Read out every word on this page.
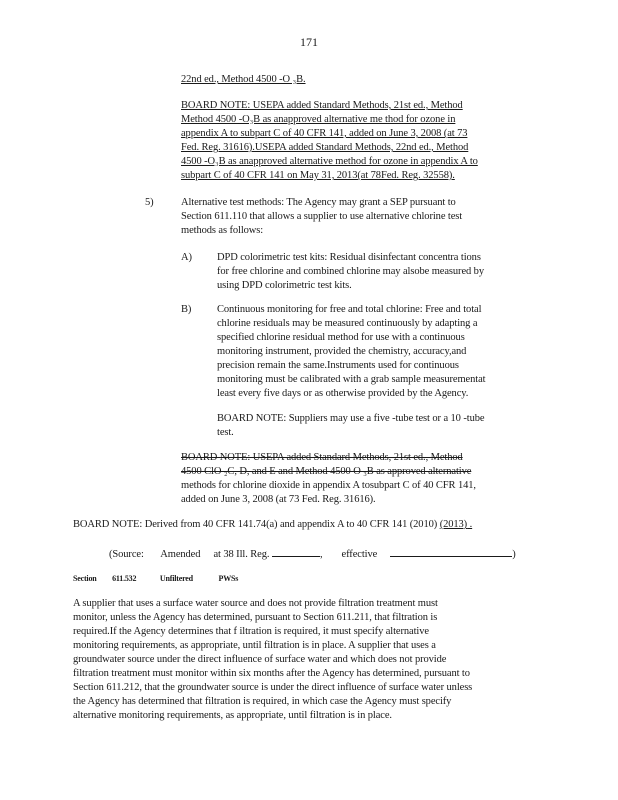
171
22nd ed., Method 4500 -O ₃B.
BOARD NOTE: USEPA added Standard Methods, 21st ed., Method
Method 4500 -O₃B as anapproved alternative me thod for ozone in
appendix A to subpart C of 40 CFR 141, added on June 3, 2008 (at 73
Fed. Reg. 31616).USEPA added Standard Methods, 22nd ed., Method
4500 -O₃B as anapproved alternative method for ozone in appendix A to
subpart C of 40 CFR 141 on May 31, 2013(at 78Fed. Reg. 32558).
5)	Alternative test methods: The Agency may grant a SEP pursuant to
Section 611.110 that allows a supplier to use alternative chlorine test
methods as follows:
A) DPD colorimetric test kits: Residual disinfectant concentra tions
for free chlorine and combined chlorine may alsobe measured by
using DPD colorimetric test kits.
B) Continuous monitoring for free and total chlorine: Free and total
chlorine residuals may be measured continuously by adapting a
specified chlorine residual method for use with a continuous
monitoring instrument, provided the chemistry, accuracy,and
precision remain the same.Instruments used for continuous
monitoring must be calibrated with a grab sample measurementat
least every five days or as otherwise provided by the Agency.
BOARD NOTE: Suppliers may use a five -tube test or a 10 -tube
test.
BOARD NOTE: USEPA added Standard Methods, 21st ed., Method
4500 ClO ₂C, D, and E and Method 4500 O ₃B as approved alternative
methods for chlorine dioxide in appendix A tosubpart C of 40 CFR 141,
added on June 3, 2008 (at 73 Fed. Reg. 31616).
BOARD NOTE: Derived from 40 CFR 141.74(a) and appendix A to 40 CFR 141 (2010) (2013) .
(Source: Amended at 38 Ill. Reg.	, effective	)
Section 611.532	Unfiltered	PWSs
A supplier that uses a surface water source and does not provide filtration treatment must
monitor, unless the Agency has determined, pursuant to Section 611.211, that filtration is
required.If the Agency determines that f iltration is required, it must specify alternative
monitoring requirements, as appropriate, until filtration is in place. A supplier that uses a
groundwater source under the direct influence of surface water and which does not provide
filtration treatment must monitor within six months after the Agency has determined, pursuant to
Section 611.212, that the groundwater source is under the direct influence of surface water unless
the Agency has determined that filtration is required, in which case the Agency must specify
alternative monitoring requirements, as appropriate, until filtration is in place.
